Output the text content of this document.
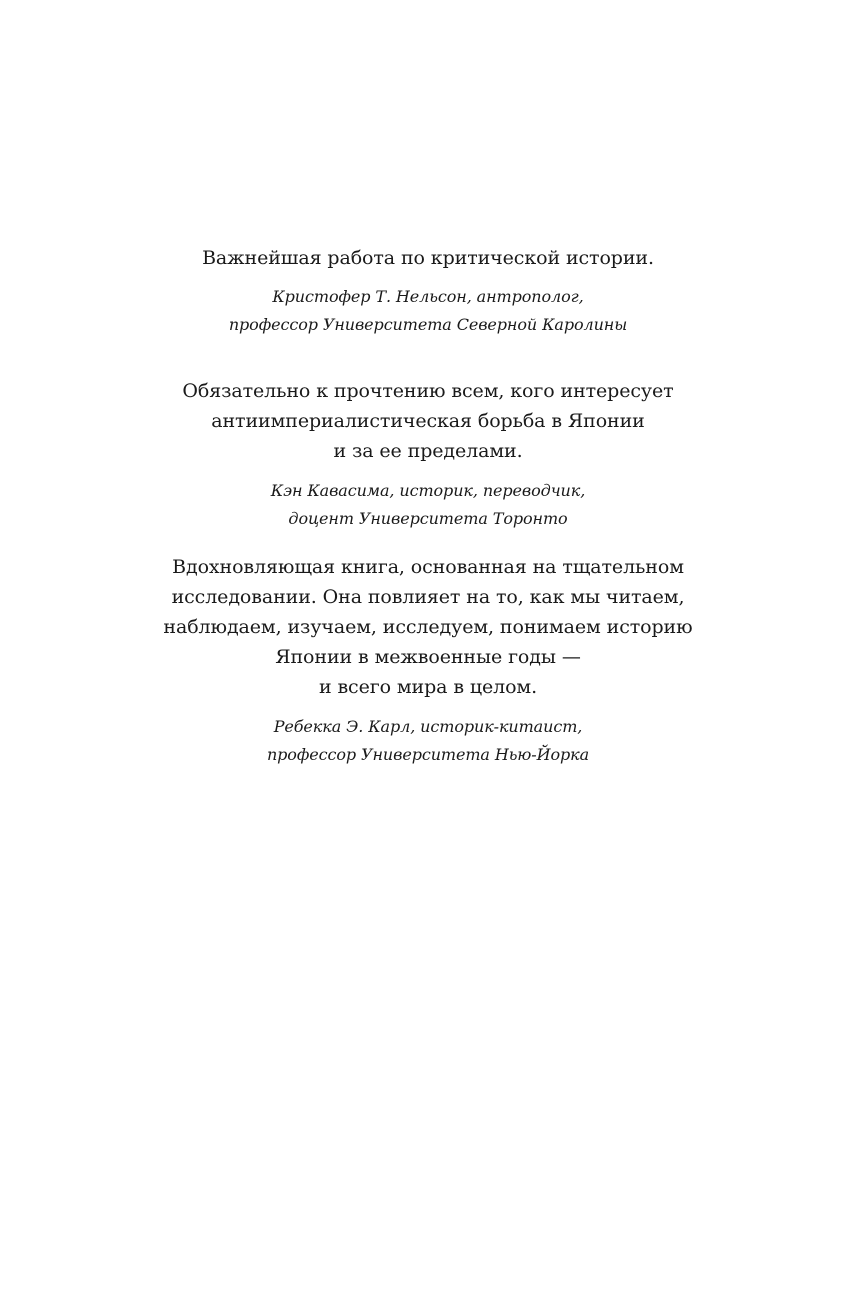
Важнейшая работа по критической истории.

Кристофер Т. Нельсон, антрополог,
профессор Университета Северной Каролины

Обязательно к прочтению всем, кого интересует
антиимпериалистическая борьба в Японии
и за ее пределами.

Кэн Кавасима, историк, переводчик,
доцент Университета Торонто

Вдохновляющая книга, основанная на тщательном
исследовании. Она повлияет на то, как мы читаем,
наблюдаем, изучаем, исследуем, понимаем историю
Японии в межвоенные годы —
и всего мира в целом.

Ребекка Э. Карл, историк-китаист,
профессор Университета Нью-Йорка
